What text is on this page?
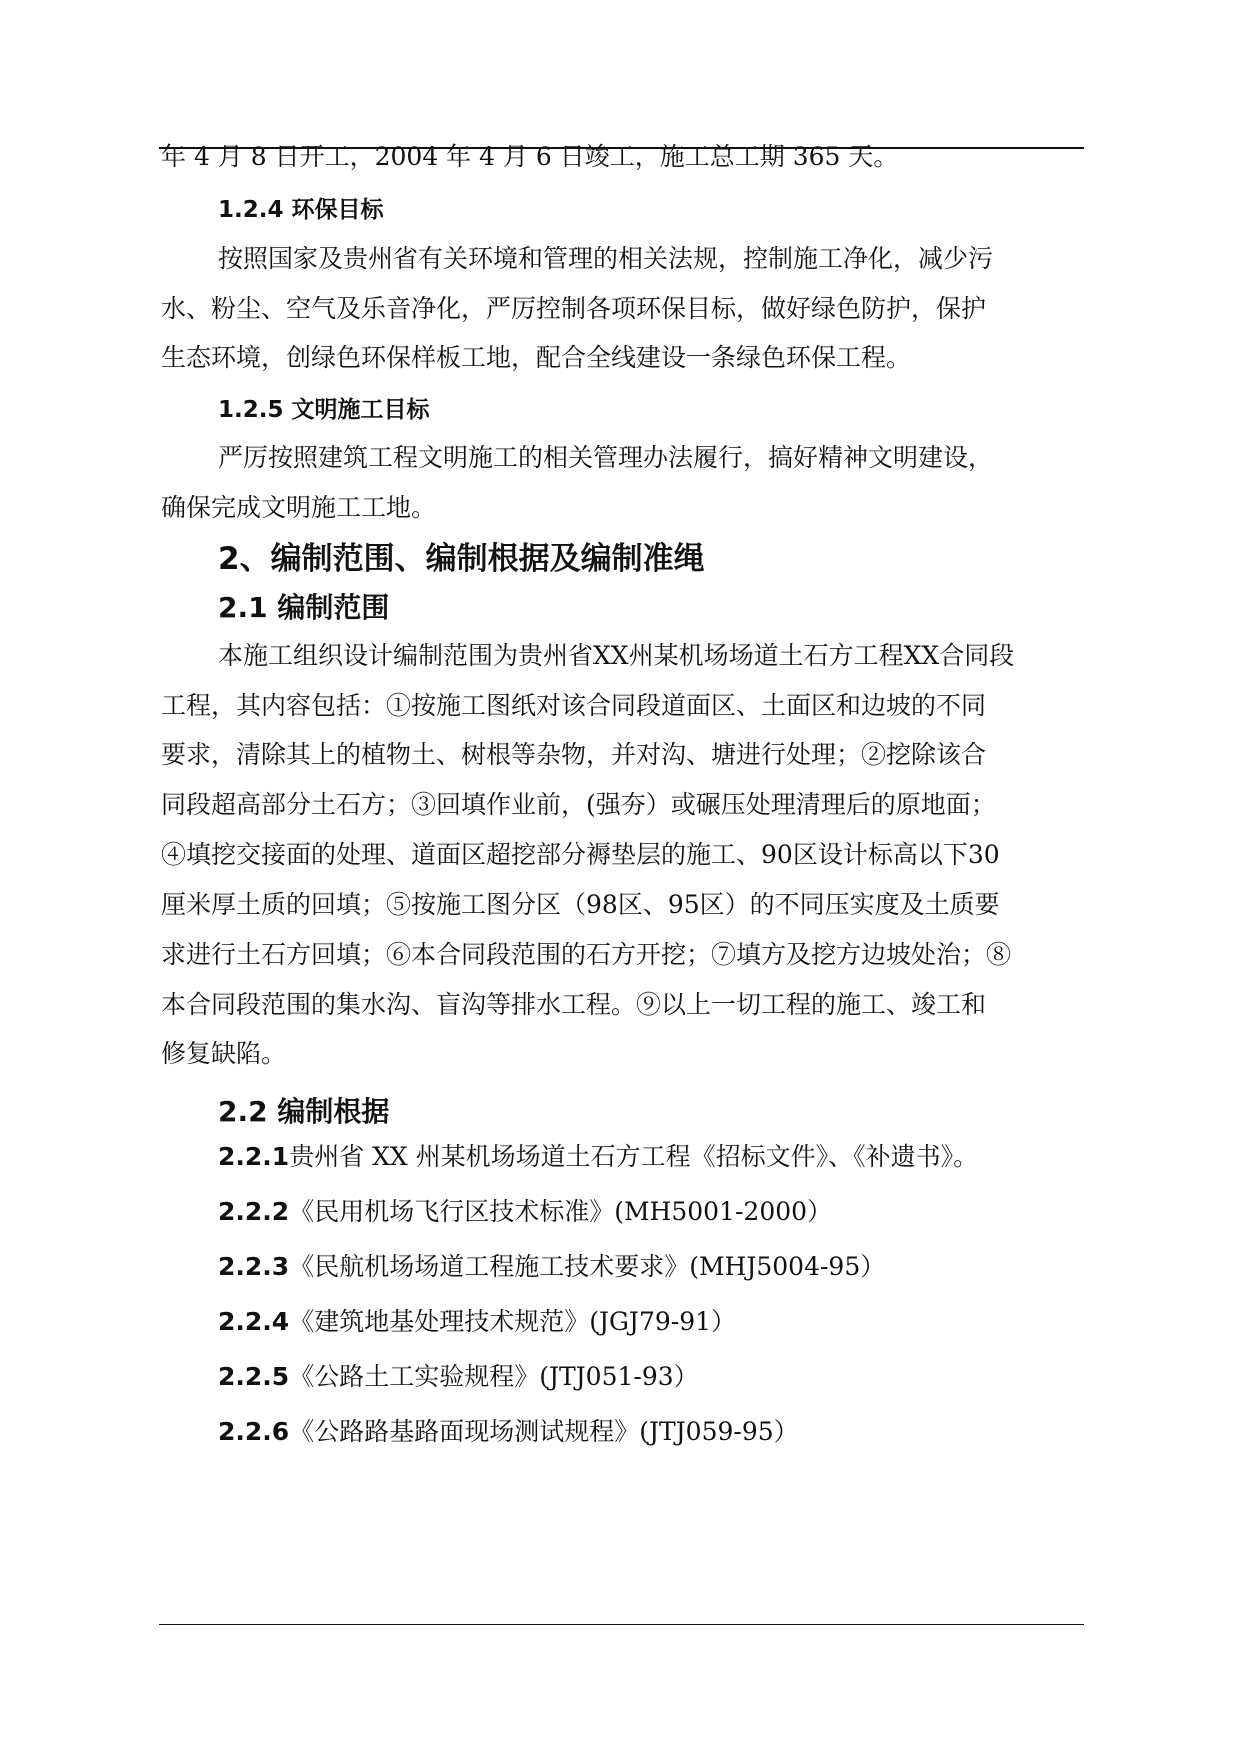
年 4 月 8 日开工，2004 年 4 月 6 日竣工，施工总工期 365 天。
1.2.4 环保目标
按照国家及贵州省有关环境和管理的相关法规，控制施工净化，减少污
水、粉尘、空气及乐音净化，严厉控制各项环保目标，做好绿色防护，保护
生态环境，创绿色环保样板工地，配合全线建设一条绿色环保工程。
1.2.5 文明施工目标
严厉按照建筑工程文明施工的相关管理办法履行，搞好精神文明建设，
确保完成文明施工工地。
2、编制范围、编制根据及编制准绳
2.1 编制范围
本施工组织设计编制范围为贵州省XX州某机场场道土石方工程XX合同段
工程，其内容包括：①按施工图纸对该合同段道面区、土面区和边坡的不同
要求，清除其上的植物土、树根等杂物，并对沟、塘进行处理；②挖除该合
同段超高部分土石方；③回填作业前，(强夯）或碾压处理清理后的原地面；
④填挖交接面的处理、道面区超挖部分褥垫层的施工、90区设计标高以下30
厘米厚土质的回填；⑤按施工图分区（98区、95区）的不同压实度及土质要
求进行土石方回填；⑥本合同段范围的石方开挖；⑦填方及挖方边坡处治；⑧
本合同段范围的集水沟、盲沟等排水工程。⑨以上一切工程的施工、竣工和
修复缺陷。
2.2 编制根据
2.2.1贵州省 XX 州某机场场道土石方工程《招标文件》、《补遗书》。
2.2.2《民用机场飞行区技术标准》(MH5001-2000）
2.2.3《民航机场场道工程施工技术要求》(MHJ5004-95）
2.2.4《建筑地基处理技术规范》(JGJ79-91）
2.2.5《公路土工实验规程》(JTJ051-93）
2.2.6《公路路基路面现场测试规程》(JTJ059-95）
